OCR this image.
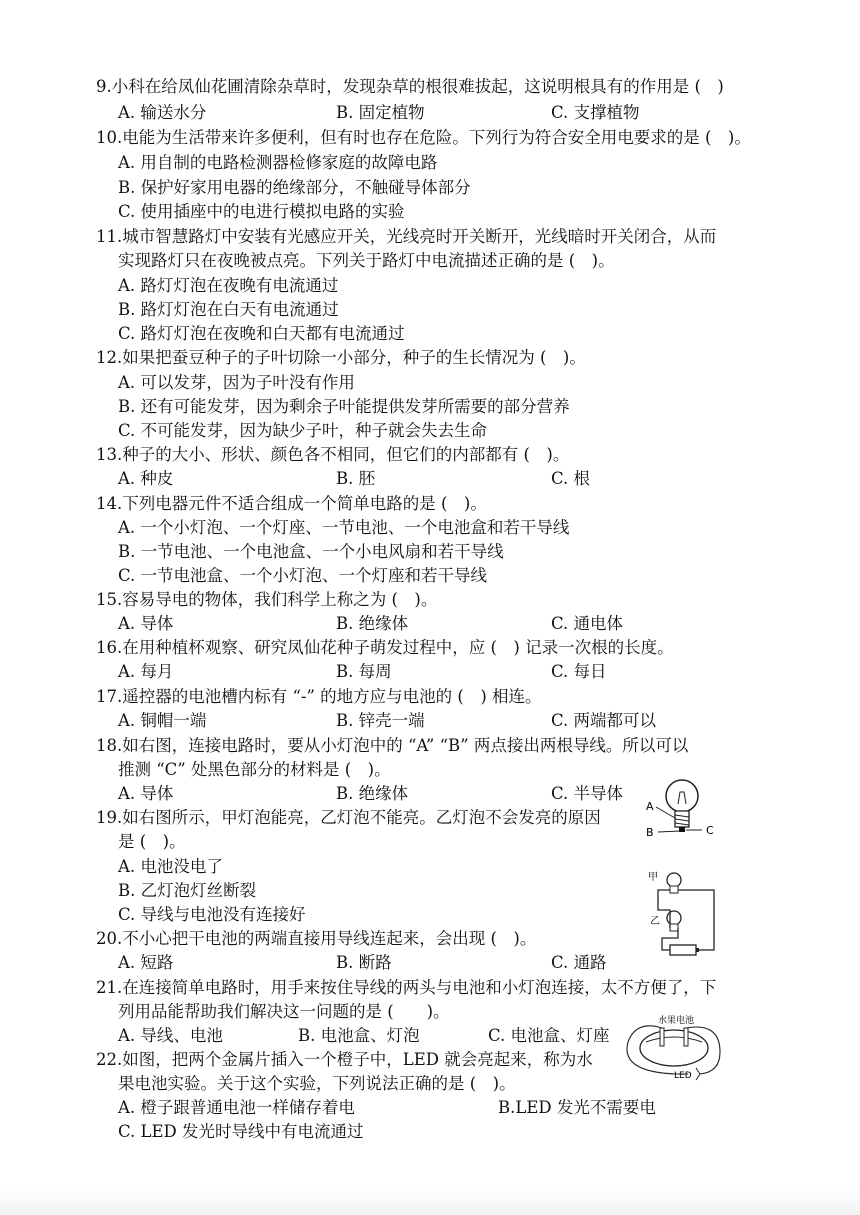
9.小科在给凤仙花圃清除杂草时，发现杂草的根很难拔起，这说明根具有的作用是 (　)
A. 输送水分	B. 固定植物	C. 支撑植物
10.电能为生活带来许多便利，但有时也存在危险。下列行为符合安全用电要求的是 (　)。
A. 用自制的电路检测器检修家庭的故障电路
B. 保护好家用电器的绝缘部分，不触碰导体部分
C. 使用插座中的电进行模拟电路的实验
11.城市智慧路灯中安装有光感应开关，光线亮时开关断开，光线暗时开关闭合，从而
实现路灯只在夜晚被点亮。下列关于路灯中电流描述正确的是 (　)。
A. 路灯灯泡在夜晚有电流通过
B. 路灯灯泡在白天有电流通过
C. 路灯灯泡在夜晚和白天都有电流通过
12.如果把蚕豆种子的子叶切除一小部分，种子的生长情况为 (　)。
A. 可以发芽，因为子叶没有作用
B. 还有可能发芽，因为剩余子叶能提供发芽所需要的部分营养
C. 不可能发芽，因为缺少子叶，种子就会失去生命
13.种子的大小、形状、颜色各不相同，但它们的内部都有 (　)。
A. 种皮	B. 胚	C. 根
14.下列电器元件不适合组成一个简单电路的是 (　)。
A. 一个小灯泡、一个灯座、一节电池、一个电池盒和若干导线
B. 一节电池、一个电池盒、一个小电风扇和若干导线
C. 一节电池盒、一个小灯泡、一个灯座和若干导线
15.容易导电的物体，我们科学上称之为 (　)。
A. 导体	B. 绝缘体	C. 通电体
16.在用种植杯观察、研究凤仙花种子萌发过程中，应 (　) 记录一次根的长度。
A. 每月	B. 每周	C. 每日
17.遥控器的电池槽内标有 “-” 的地方应与电池的 (　) 相连。
A. 铜帽一端	B. 锌壳一端	C. 两端都可以
18.如右图，连接电路时，要从小灯泡中的 “A” “B” 两点接出两根导线。所以可以
推测 “C” 处黑色部分的材料是 (　)。
A. 导体	B. 绝缘体	C. 半导体
19.如右图所示，甲灯泡能亮，乙灯泡不能亮。乙灯泡不会发亮的原因
是 (　)。
A. 电池没电了
B. 乙灯泡灯丝断裂
C. 导线与电池没有连接好
20.不小心把干电池的两端直接用导线连起来，会出现 (　)。
A. 短路	B. 断路	C. 通路
21.在连接简单电路时，用手来按住导线的两头与电池和小灯泡连接，太不方便了，下
列用品能帮助我们解决这一问题的是 (　　)。
A. 导线、电池	B. 电池盒、灯泡	C. 电池盒、灯座
22.如图，把两个金属片插入一个橙子中，LED 就会亮起来，称为水
果电池实验。关于这个实验，下列说法正确的是 (　)。
A. 橙子跟普通电池一样储存着电	B.LED 发光不需要电
C. LED 发光时导线中有电流通过
A
B	C
甲
乙
水果电池
LED
